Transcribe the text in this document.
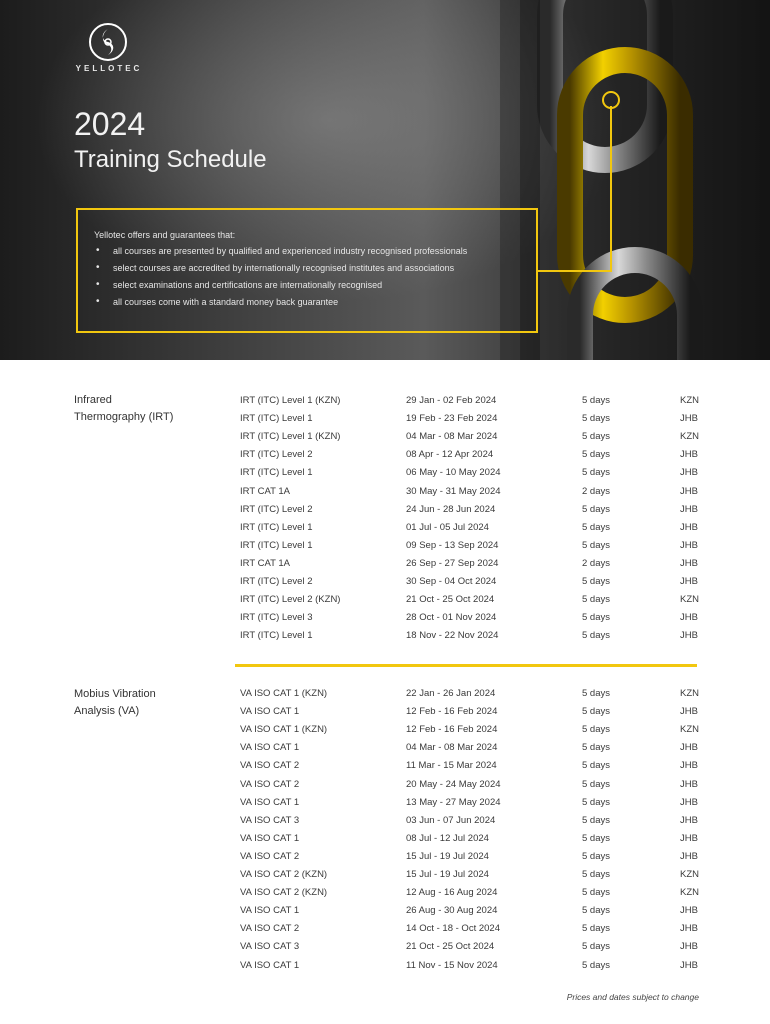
YELLOTEC
2024
Training Schedule
Yellotec offers and guarantees that:
• all courses are presented by qualified and experienced industry recognised professionals
• select courses are accredited by internationally recognised institutes and associations
• select examinations and certifications are internationally recognised
• all courses come with a standard money back guarantee
Infrared
Thermography (IRT)
IRT (ITC) Level 1 (KZN)	29 Jan - 02 Feb 2024	5 days	KZN
IRT (ITC) Level 1	19 Feb - 23 Feb 2024	5 days	JHB
IRT (ITC) Level 1 (KZN)	04 Mar - 08 Mar 2024	5 days	KZN
IRT (ITC) Level 2	08 Apr - 12 Apr 2024	5 days	JHB
IRT (ITC) Level 1	06 May - 10 May 2024	5 days	JHB
IRT CAT 1A	30 May - 31 May 2024	2 days	JHB
IRT (ITC) Level 2	24 Jun - 28 Jun 2024	5 days	JHB
IRT (ITC) Level 1	01 Jul - 05 Jul 2024	5 days	JHB
IRT (ITC) Level 1	09 Sep - 13 Sep 2024	5 days	JHB
IRT CAT 1A	26 Sep - 27 Sep 2024	2 days	JHB
IRT (ITC) Level 2	30 Sep - 04 Oct 2024	5 days	JHB
IRT (ITC) Level 2 (KZN)	21 Oct - 25 Oct 2024	5 days	KZN
IRT (ITC) Level 3	28 Oct - 01 Nov 2024	5 days	JHB
IRT (ITC) Level 1	18 Nov - 22 Nov 2024	5 days	JHB
Mobius Vibration
Analysis (VA)
VA ISO CAT 1 (KZN)	22 Jan - 26 Jan 2024	5 days	KZN
VA ISO CAT 1	12 Feb - 16 Feb 2024	5 days	JHB
VA ISO CAT 1 (KZN)	12 Feb - 16 Feb 2024	5 days	KZN
VA ISO CAT 1	04 Mar - 08 Mar 2024	5 days	JHB
VA ISO CAT 2	11 Mar - 15 Mar 2024	5 days	JHB
VA ISO CAT 2	20 May - 24 May 2024	5 days	JHB
VA ISO CAT 1	13 May - 27 May 2024	5 days	JHB
VA ISO CAT 3	03 Jun - 07 Jun 2024	5 days	JHB
VA ISO CAT 1	08 Jul - 12 Jul 2024	5 days	JHB
VA ISO CAT 2	15 Jul - 19 Jul 2024	5 days	JHB
VA ISO CAT 2 (KZN)	15 Jul - 19 Jul 2024	5 days	KZN
VA ISO CAT 2 (KZN)	12 Aug - 16 Aug 2024	5 days	KZN
VA ISO CAT 1	26 Aug - 30 Aug 2024	5 days	JHB
VA ISO CAT 2	14 Oct - 18 - Oct 2024	5 days	JHB
VA ISO CAT 3	21 Oct - 25 Oct 2024	5 days	JHB
VA ISO CAT 1	11 Nov - 15 Nov 2024	5 days	JHB
Prices and dates subject to change
